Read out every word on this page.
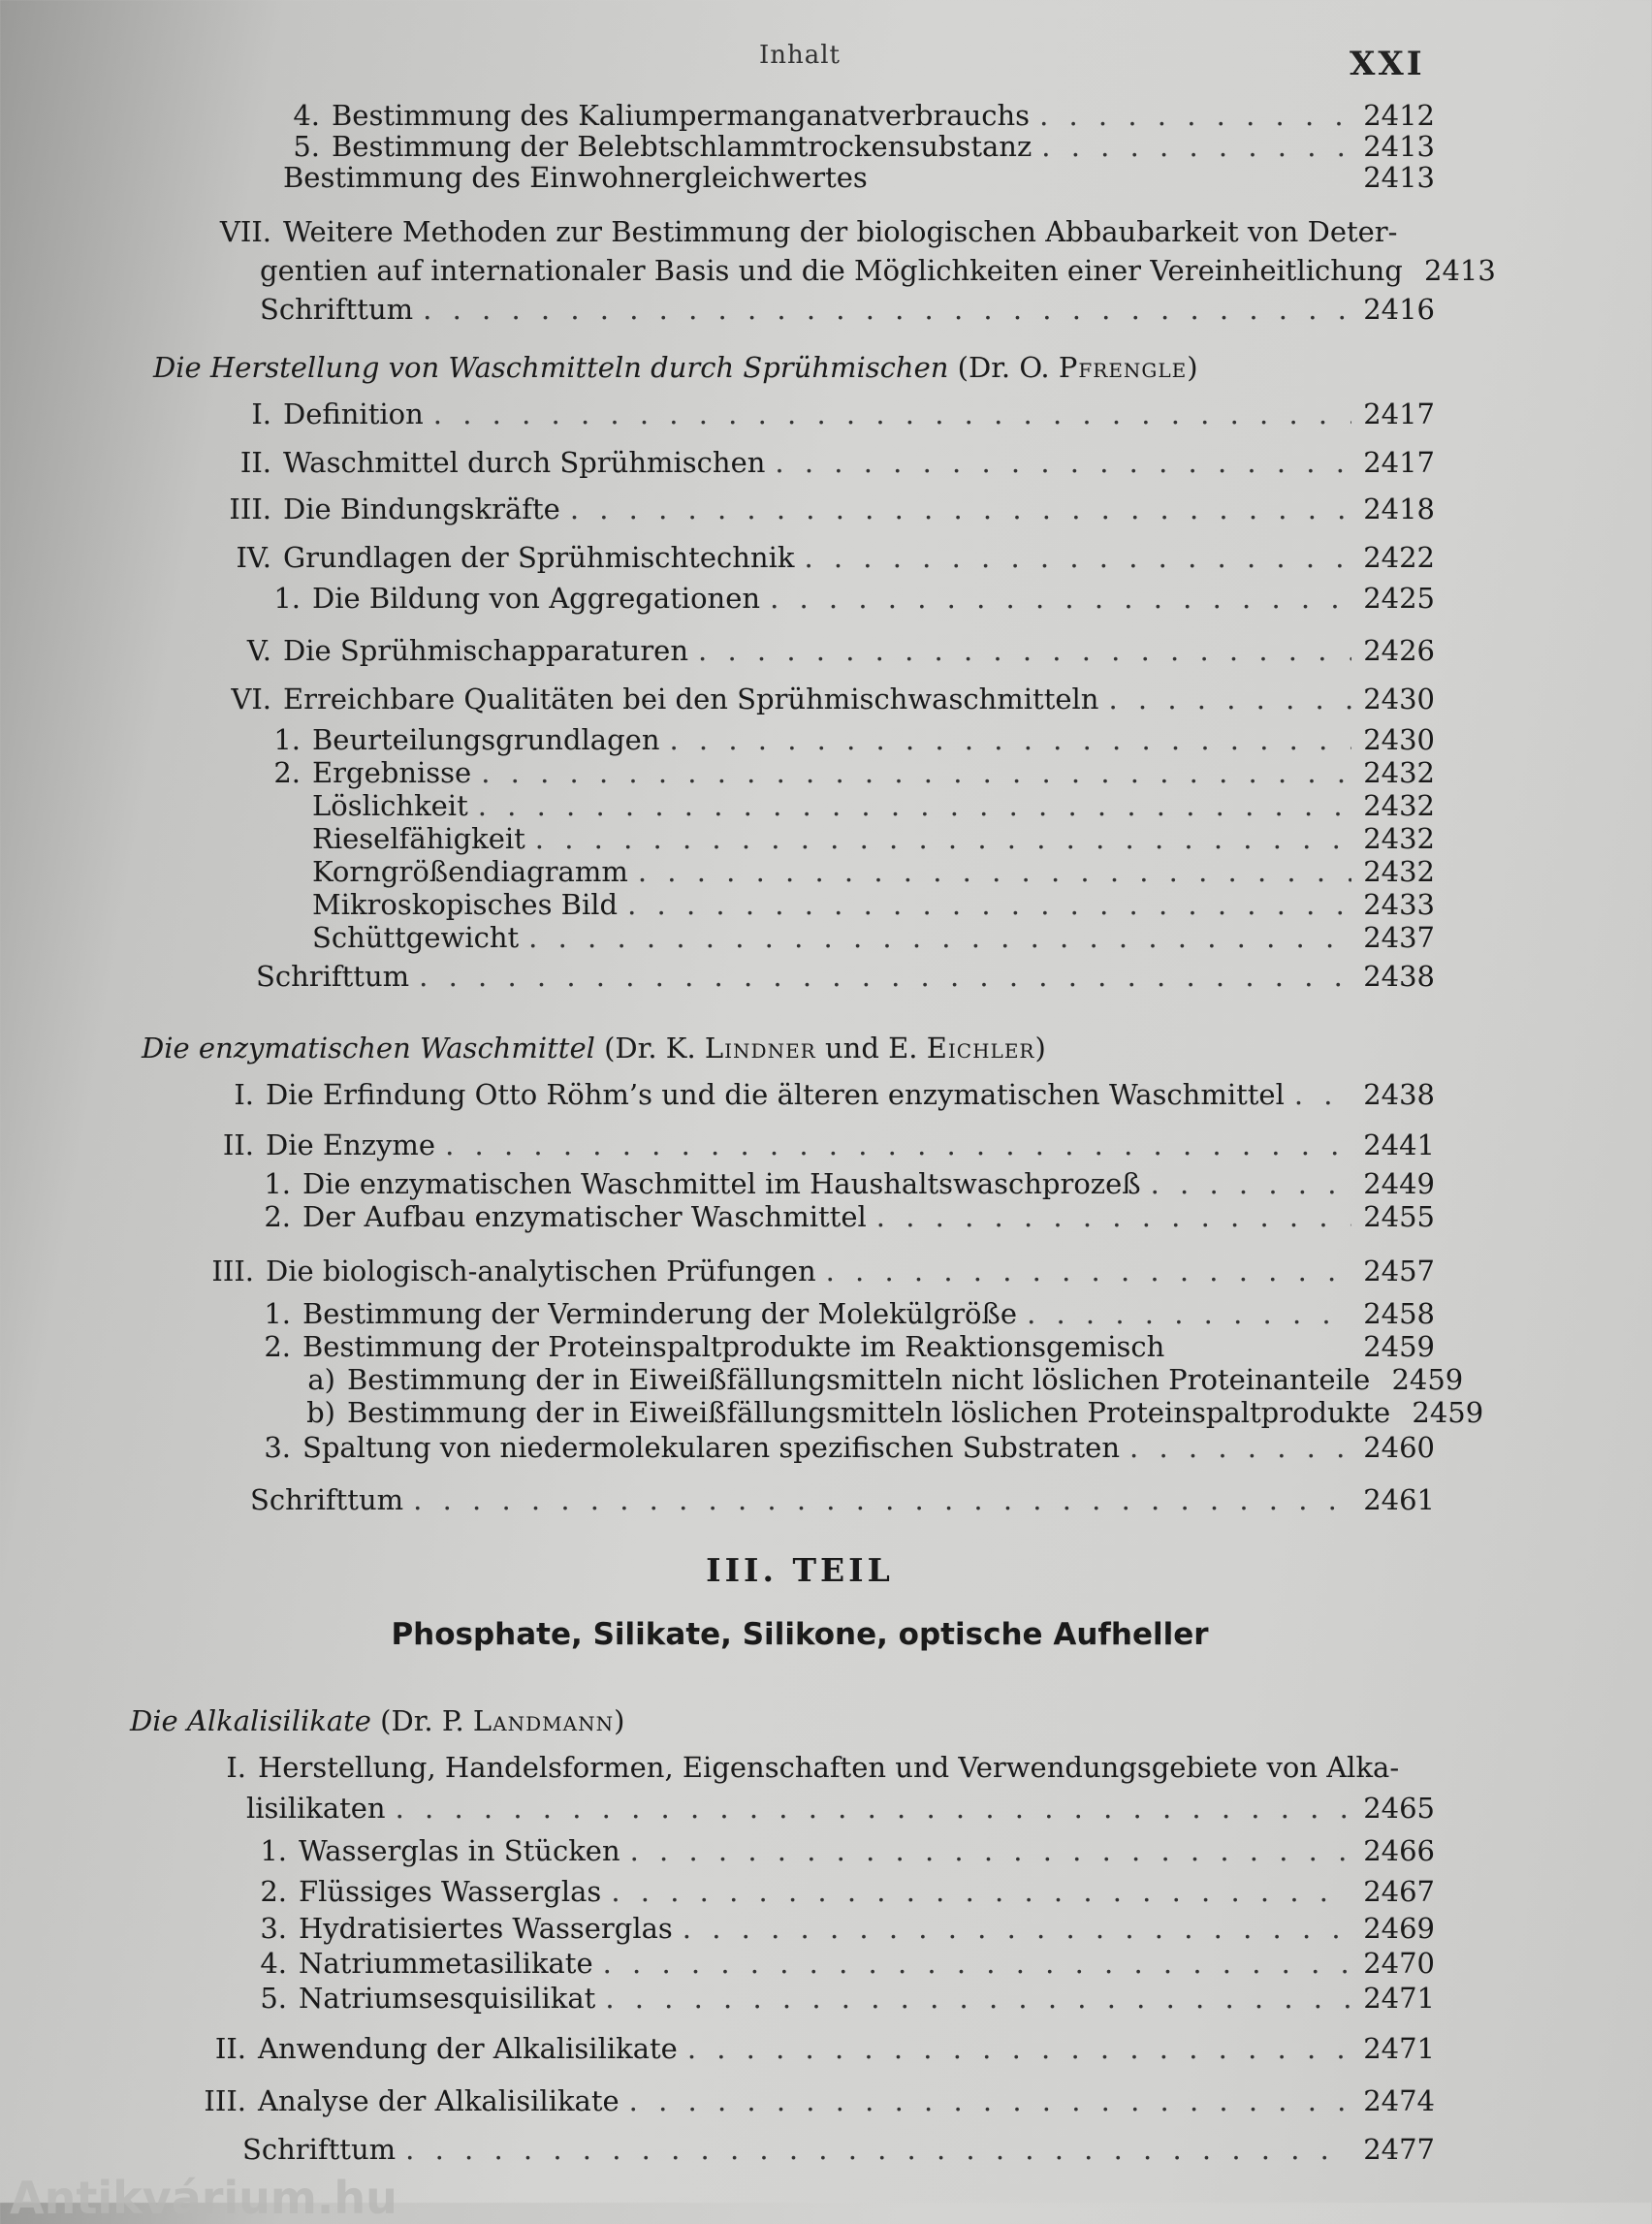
Inhalt	XXI
4. Bestimmung des Kaliumpermanganatverbrauchs . . .	2412
5. Bestimmung der Belebtschlammtrockensubstanz . . .	2413
Bestimmung des Einwohnergleichwertes	2413
VII. Weitere Methoden zur Bestimmung der biologischen Abbaubarkeit von Deter-
gentien auf internationaler Basis und die Möglichkeiten einer Vereinheitlichung 2413
Schrifttum . . .	2416
Die Herstellung von Waschmitteln durch Sprühmischen (Dr. O. Pfrengle)
I. Definition . . .	2417
II. Waschmittel durch Sprühmischen . . .	2417
III. Die Bindungskräfte . . .	2418
IV. Grundlagen der Sprühmischtechnik . . .	2422
1. Die Bildung von Aggregationen . . .	2425
V. Die Sprühmischapparaturen . . .	2426
VI. Erreichbare Qualitäten bei den Sprühmischwaschmitteln . . .	2430
1. Beurteilungsgrundlagen . . .	2430
2. Ergebnisse . . .	2432
Löslichkeit . . .	2432
Rieselfähigkeit . . .	2432
Korngrößendiagramm . . .	2432
Mikroskopisches Bild . . .	2433
Schüttgewicht . . .	2437
Schrifttum . . .	2438
Die enzymatischen Waschmittel (Dr. K. Lindner und E. Eichler)
I. Die Erfindung Otto Röhm’s und die älteren enzymatischen Waschmittel . . .	2438
II. Die Enzyme . . .	2441
1. Die enzymatischen Waschmittel im Haushaltswaschprozeß . . .	2449
2. Der Aufbau enzymatischer Waschmittel . . .	2455
III. Die biologisch-analytischen Prüfungen . . .	2457
1. Bestimmung der Verminderung der Molekülgröße . . .	2458
2. Bestimmung der Proteinspaltprodukte im Reaktionsgemisch	2459
a) Bestimmung der in Eiweißfällungsmitteln nicht löslichen Proteinanteile 2459
b) Bestimmung der in Eiweißfällungsmitteln löslichen Proteinspaltprodukte 2459
3. Spaltung von niedermolekularen spezifischen Substraten . . .	2460
Schrifttum . . .	2461
III. TEIL
Phosphate, Silikate, Silikone, optische Aufheller
Die Alkalisilikate (Dr. P. Landmann)
I. Herstellung, Handelsformen, Eigenschaften und Verwendungsgebiete von Alka-
lisilikaten . . .	2465
1. Wasserglas in Stücken . . .	2466
2. Flüssiges Wasserglas . . .	2467
3. Hydratisiertes Wasserglas . . .	2469
4. Natriummetasilikate . . .	2470
5. Natriumsesquisilikat . . .	2471
II. Anwendung der Alkalisilikate . . .	2471
III. Analyse der Alkalisilikate . . .	2474
Schrifttum . . .	2477
Antikvárium.hu
